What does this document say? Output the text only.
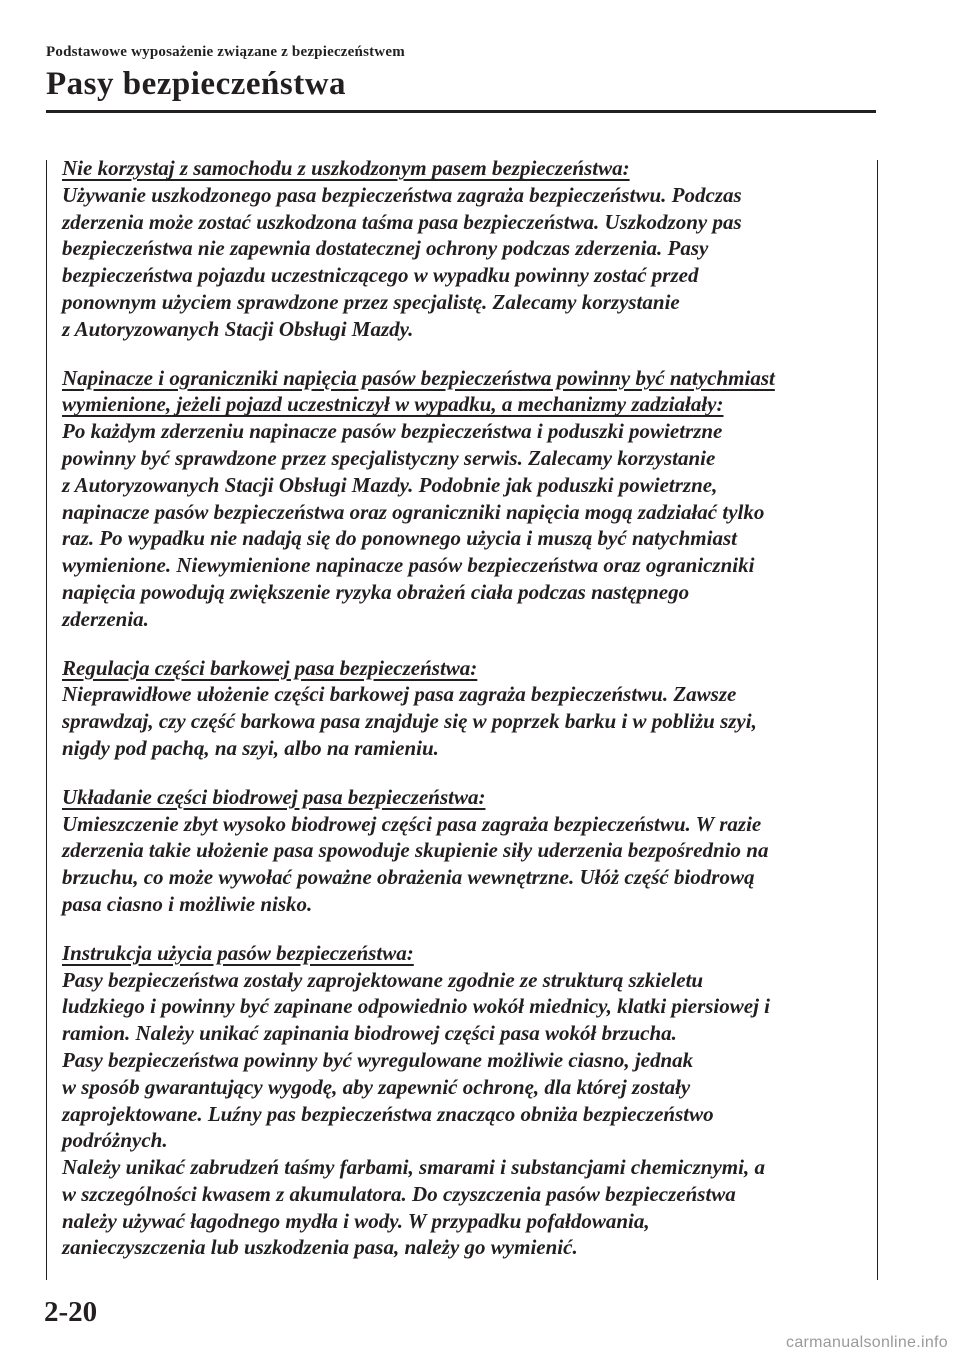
Podstawowe wyposażenie związane z bezpieczeństwem
Pasy bezpieczeństwa

Nie korzystaj z samochodu z uszkodzonym pasem bezpieczeństwa:

Używanie uszkodzonego pasa bezpieczeństwa zagraża bezpieczeństwu. Podczas

zderzenia może zostać uszkodzona taśma pasa bezpieczeństwa. Uszkodzony pas

bezpieczeństwa nie zapewnia dostatecznej ochrony podczas zderzenia. Pasy

bezpieczeństwa pojazdu uczestniczącego w wypadku powinny zostać przed

ponownym użyciem sprawdzone przez specjalistę. Zalecamy korzystanie

z Autoryzowanych Stacji Obsługi Mazdy.

Napinacze i ograniczniki napięcia pasów bezpieczeństwa powinny być natychmiast

wymienione, jeżeli pojazd uczestniczył w wypadku, a mechanizmy zadziałały:

Po każdym zderzeniu napinacze pasów bezpieczeństwa i poduszki powietrzne

powinny być sprawdzone przez specjalistyczny serwis. Zalecamy korzystanie

z Autoryzowanych Stacji Obsługi Mazdy. Podobnie jak poduszki powietrzne,

napinacze pasów bezpieczeństwa oraz ograniczniki napięcia mogą zadziałać tylko

raz. Po wypadku nie nadają się do ponownego użycia i muszą być natychmiast

wymienione. Niewymienione napinacze pasów bezpieczeństwa oraz ograniczniki

napięcia powodują zwiększenie ryzyka obrażeń ciała podczas następnego

zderzenia.

Regulacja części barkowej pasa bezpieczeństwa:

Nieprawidłowe ułożenie części barkowej pasa zagraża bezpieczeństwu. Zawsze

sprawdzaj, czy część barkowa pasa znajduje się w poprzek barku i w pobliżu szyi,

nigdy pod pachą, na szyi, albo na ramieniu.

Układanie części biodrowej pasa bezpieczeństwa:

Umieszczenie zbyt wysoko biodrowej części pasa zagraża bezpieczeństwu. W razie

zderzenia takie ułożenie pasa spowoduje skupienie siły uderzenia bezpośrednio na

brzuchu, co może wywołać poważne obrażenia wewnętrzne. Ułóż część biodrową

pasa ciasno i możliwie nisko.

Instrukcja użycia pasów bezpieczeństwa:

Pasy bezpieczeństwa zostały zaprojektowane zgodnie ze strukturą szkieletu

ludzkiego i powinny być zapinane odpowiednio wokół miednicy, klatki piersiowej i

ramion. Należy unikać zapinania biodrowej części pasa wokół brzucha.

Pasy bezpieczeństwa powinny być wyregulowane możliwie ciasno, jednak

w sposób gwarantujący wygodę, aby zapewnić ochronę, dla której zostały

zaprojektowane. Luźny pas bezpieczeństwa znacząco obniża bezpieczeństwo

podróżnych.

Należy unikać zabrudzeń taśmy farbami, smarami i substancjami chemicznymi, a

w szczególności kwasem z akumulatora. Do czyszczenia pasów bezpieczeństwa

należy używać łagodnego mydła i wody. W przypadku pofałdowania,

zanieczyszczenia lub uszkodzenia pasa, należy go wymienić.

2-20
carmanualsonline.info
